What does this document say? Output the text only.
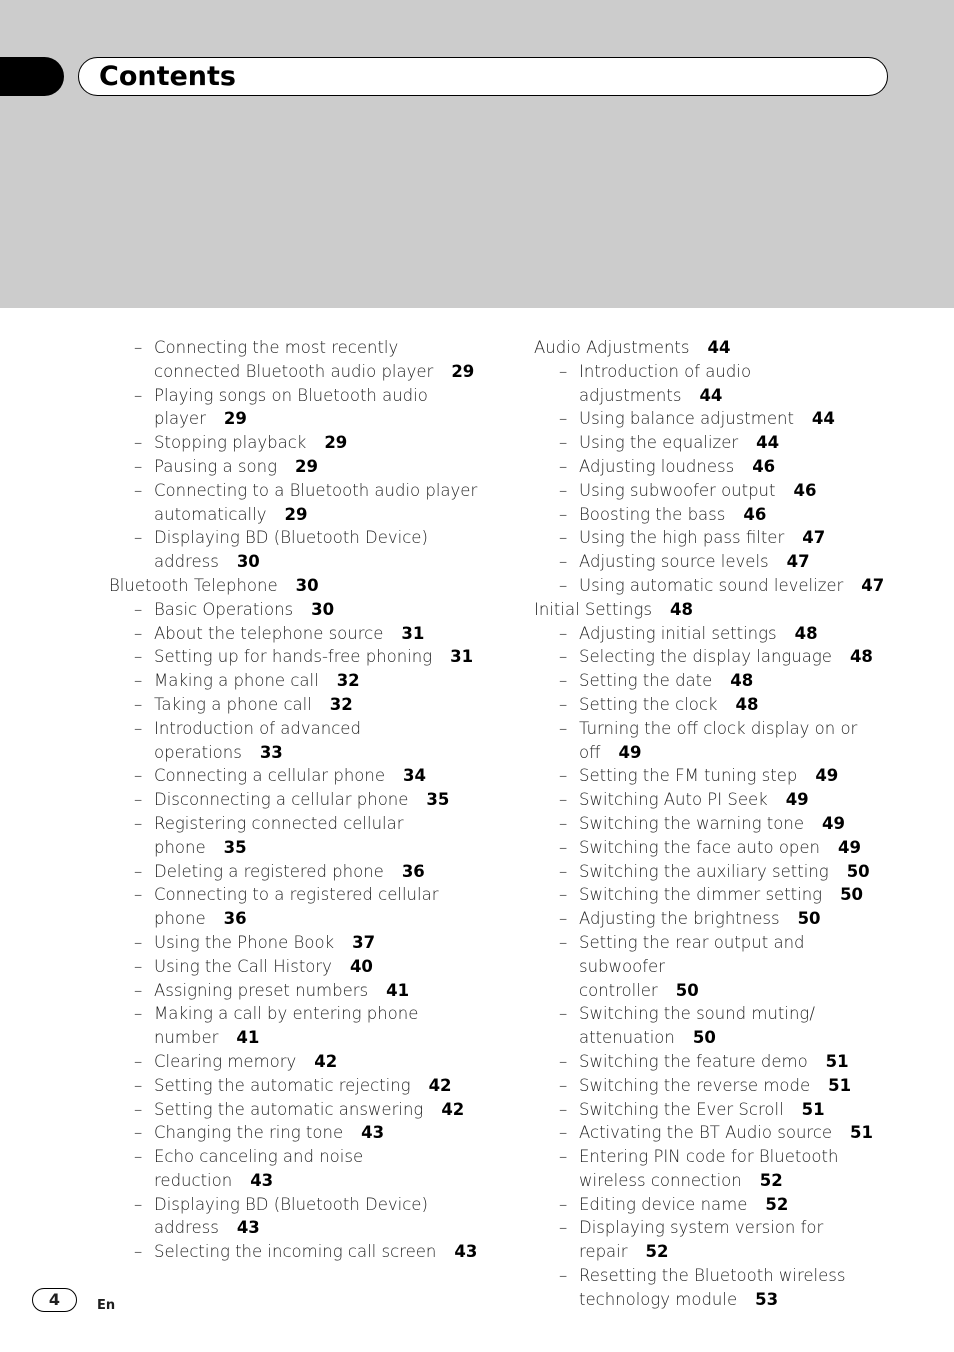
Contents
– Connecting the most recently
connected Bluetooth audio player 29
– Playing songs on Bluetooth audio
player 29
– Stopping playback 29
– Pausing a song 29
– Connecting to a Bluetooth audio player
automatically 29
– Displaying BD (Bluetooth Device)
address 30
Bluetooth Telephone 30
– Basic Operations 30
– About the telephone source 31
– Setting up for hands-free phoning 31
– Making a phone call 32
– Taking a phone call 32
– Introduction of advanced
operations 33
– Connecting a cellular phone 34
– Disconnecting a cellular phone 35
– Registering connected cellular
phone 35
– Deleting a registered phone 36
– Connecting to a registered cellular
phone 36
– Using the Phone Book 37
– Using the Call History 40
– Assigning preset numbers 41
– Making a call by entering phone
number 41
– Clearing memory 42
– Setting the automatic rejecting 42
– Setting the automatic answering 42
– Changing the ring tone 43
– Echo canceling and noise
reduction 43
– Displaying BD (Bluetooth Device)
address 43
– Selecting the incoming call screen 43
Audio Adjustments 44
– Introduction of audio adjustments 44
– Using balance adjustment 44
– Using the equalizer 44
– Adjusting loudness 46
– Using subwoofer output 46
– Boosting the bass 46
– Using the high pass filter 47
– Adjusting source levels 47
– Using automatic sound levelizer 47
Initial Settings 48
– Adjusting initial settings 48
– Selecting the display language 48
– Setting the date 48
– Setting the clock 48
– Turning the off clock display on or
off 49
– Setting the FM tuning step 49
– Switching Auto PI Seek 49
– Switching the warning tone 49
– Switching the face auto open 49
– Switching the auxiliary setting 50
– Switching the dimmer setting 50
– Adjusting the brightness 50
– Setting the rear output and subwoofer
controller 50
– Switching the sound muting/
attenuation 50
– Switching the feature demo 51
– Switching the reverse mode 51
– Switching the Ever Scroll 51
– Activating the BT Audio source 51
– Entering PIN code for Bluetooth
wireless connection 52
– Editing device name 52
– Displaying system version for
repair 52
– Resetting the Bluetooth wireless
technology module 53
4	En
